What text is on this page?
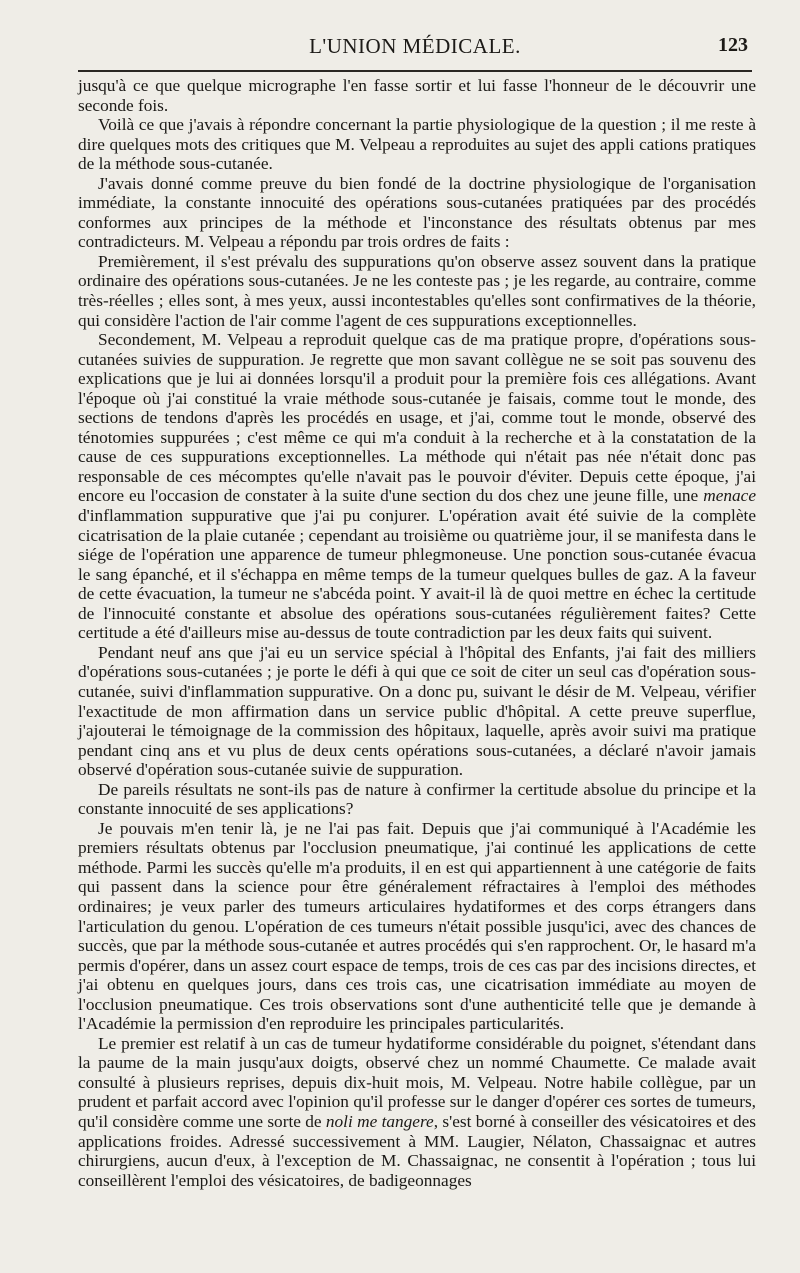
L'UNION MÉDICALE.	123

jusqu'à ce que quelque micrographe l'en fasse sortir et lui fasse l'honneur de le découvrir une seconde fois.

Voilà ce que j'avais à répondre concernant la partie physiologique de la question ; il me reste à dire quelques mots des critiques que M. Velpeau a reproduites au sujet des appli cations pratiques de la méthode sous-cutanée.

J'avais donné comme preuve du bien fondé de la doctrine physiologique de l'organisation immédiate, la constante innocuité des opérations sous-cutanées pratiquées par des procédés conformes aux principes de la méthode et l'inconstance des résultats obtenus par mes contradicteurs. M. Velpeau a répondu par trois ordres de faits :

Premièrement, il s'est prévalu des suppurations qu'on observe assez souvent dans la pratique ordinaire des opérations sous-cutanées. Je ne les conteste pas ; je les regarde, au contraire, comme très-réelles ; elles sont, à mes yeux, aussi incontestables qu'elles sont confirmatives de la théorie, qui considère l'action de l'air comme l'agent de ces suppurations exceptionnelles.

Secondement, M. Velpeau a reproduit quelque cas de ma pratique propre, d'opérations sous-cutanées suivies de suppuration. Je regrette que mon savant collègue ne se soit pas souvenu des explications que je lui ai données lorsqu'il a produit pour la première fois ces allégations. Avant l'époque où j'ai constitué la vraie méthode sous-cutanée je faisais, comme tout le monde, des sections de tendons d'après les procédés en usage, et j'ai, comme tout le monde, observé des ténotomies suppurées ; c'est même ce qui m'a conduit à la recherche et à la constatation de la cause de ces suppurations exceptionnelles. La méthode qui n'était pas née n'était donc pas responsable de ces mécomptes qu'elle n'avait pas le pouvoir d'éviter. Depuis cette époque, j'ai encore eu l'occasion de constater à la suite d'une section du dos chez une jeune fille, une menace d'inflammation suppurative que j'ai pu conjurer. L'opération avait été suivie de la complète cicatrisation de la plaie cutanée ; cependant au troisième ou quatrième jour, il se manifesta dans le siége de l'opération une apparence de tumeur phlegmoneuse. Une ponction sous-cutanée évacua le sang épanché, et il s'échappa en même temps de la tumeur quelques bulles de gaz. A la faveur de cette évacuation, la tumeur ne s'abcéda point. Y avait-il là de quoi mettre en échec la certitude de l'innocuité constante et absolue des opérations sous-cutanées régulièrement faites? Cette certitude a été d'ailleurs mise au-dessus de toute contradiction par les deux faits qui suivent.

Pendant neuf ans que j'ai eu un service spécial à l'hôpital des Enfants, j'ai fait des milliers d'opérations sous-cutanées ; je porte le défi à qui que ce soit de citer un seul cas d'opération sous-cutanée, suivi d'inflammation suppurative. On a donc pu, suivant le désir de M. Velpeau, vérifier l'exactitude de mon affirmation dans un service public d'hôpital. A cette preuve superflue, j'ajouterai le témoignage de la commission des hôpitaux, laquelle, après avoir suivi ma pratique pendant cinq ans et vu plus de deux cents opérations sous-cutanées, a déclaré n'avoir jamais observé d'opération sous-cutanée suivie de suppuration.

De pareils résultats ne sont-ils pas de nature à confirmer la certitude absolue du principe et la constante innocuité de ses applications?

Je pouvais m'en tenir là, je ne l'ai pas fait. Depuis que j'ai communiqué à l'Académie les premiers résultats obtenus par l'occlusion pneumatique, j'ai continué les applications de cette méthode. Parmi les succès qu'elle m'a produits, il en est qui appartiennent à une catégorie de faits qui passent dans la science pour être généralement réfractaires à l'emploi des méthodes ordinaires; je veux parler des tumeurs articulaires hydatiformes et des corps étrangers dans l'articulation du genou. L'opération de ces tumeurs n'était possible jusqu'ici, avec des chances de succès, que par la méthode sous-cutanée et autres procédés qui s'en rapprochent. Or, le hasard m'a permis d'opérer, dans un assez court espace de temps, trois de ces cas par des incisions directes, et j'ai obtenu en quelques jours, dans ces trois cas, une cicatrisation immédiate au moyen de l'occlusion pneumatique. Ces trois observations sont d'une authenticité telle que je demande à l'Académie la permission d'en reproduire les principales particularités.

Le premier est relatif à un cas de tumeur hydatiforme considérable du poignet, s'étendant dans la paume de la main jusqu'aux doigts, observé chez un nommé Chaumette. Ce malade avait consulté à plusieurs reprises, depuis dix-huit mois, M. Velpeau. Notre habile collègue, par un prudent et parfait accord avec l'opinion qu'il professe sur le danger d'opérer ces sortes de tumeurs, qu'il considère comme une sorte de noli me tangere, s'est borné à conseiller des vésicatoires et des applications froides. Adressé successivement à MM. Laugier, Nélaton, Chassaignac et autres chirurgiens, aucun d'eux, à l'exception de M. Chassaignac, ne consentit à l'opération ; tous lui conseillèrent l'emploi des vésicatoires, de badigeonnages
